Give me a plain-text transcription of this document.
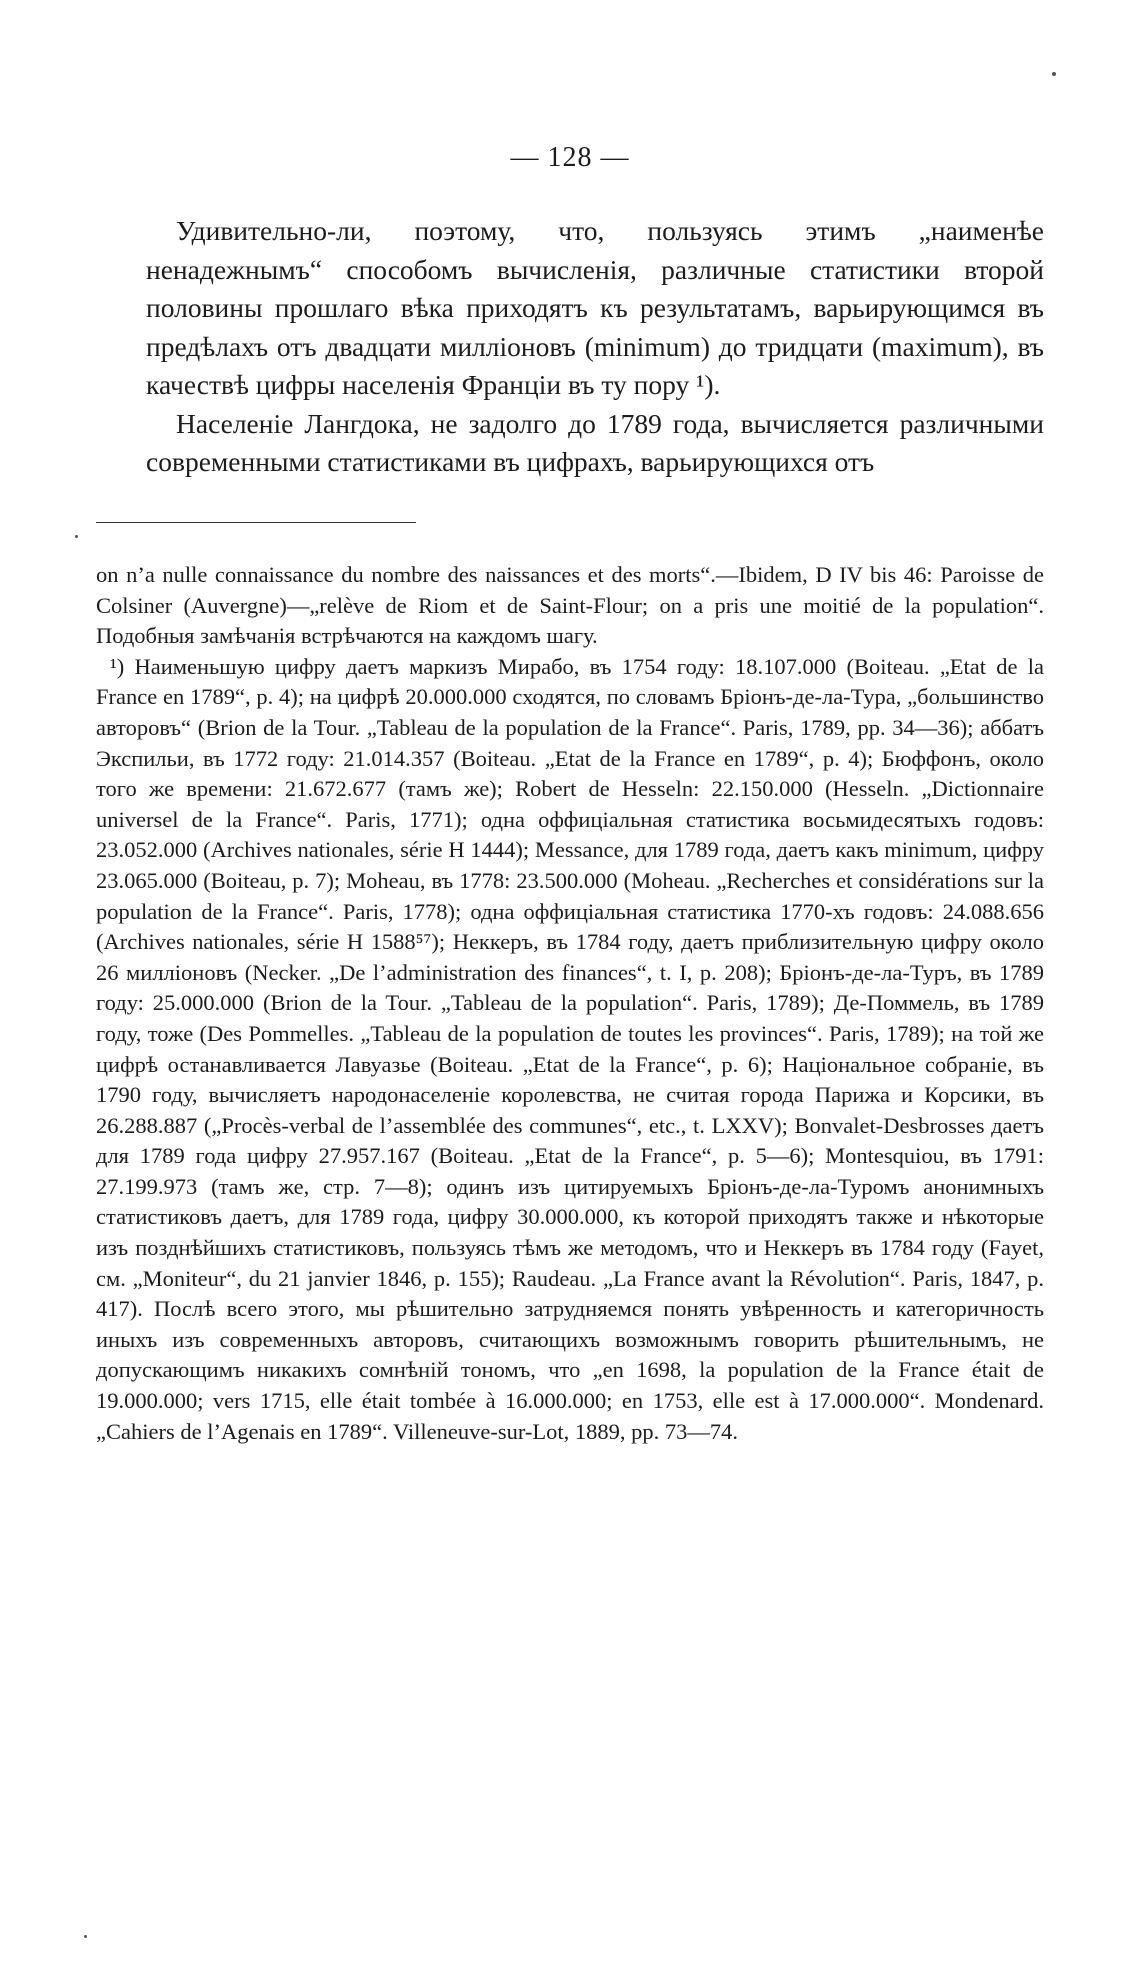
— 128 —

Удивительно-ли, поэтому, что, пользуясь этимъ „наименѣе ненадежнымъ“ способомъ вычисленія, различные статистики второй половины прошлаго вѣка приходятъ къ результатамъ, варьирующимся въ предѣлахъ отъ двадцати милліоновъ (minimum) до тридцати (maximum), въ качествѣ цифры населенія Франціи въ ту пору ¹).

Населеніе Лангдока, не задолго до 1789 года, вычисляется различными современными статистиками въ цифрахъ, варьирующихся отъ

on n’a nulle connaissance du nombre des naissances et des morts“.—Ibidem, D IV bis 46: Paroisse de Colsiner (Auvergne)—„relève de Riom et de Saint-Flour; on a pris une moitié de la population“. Подобныя замѣчанія встрѣчаются на каждомъ шагу.

¹) Наименьшую цифру даетъ маркизъ Мирабо, въ 1754 году: 18.107.000 (Boiteau. „Etat de la France en 1789“, p. 4); на цифрѣ 20.000.000 сходятся, по словамъ Бріонъ-де-ла-Тура, „большинство авторовъ“ (Brion de la Tour. „Tableau de la population de la France“. Paris, 1789, pp. 34—36); аббатъ Экспильи, въ 1772 году: 21.014.357 (Boiteau. „Etat de la France en 1789“, p. 4); Бюффонъ, около того же времени: 21.672.677 (тамъ же); Robert de Hesseln: 22.150.000 (Hesseln. „Dictionnaire universel de la France“. Paris, 1771); одна оффиціальная статистика восьмидесятыхъ годовъ: 23.052.000 (Archives nationales, série H 1444); Messance, для 1789 года, даетъ какъ minimum, цифру 23.065.000 (Boiteau, p. 7); Moheau, въ 1778: 23.500.000 (Moheau. „Recherches et considérations sur la population de la France“. Paris, 1778); одна оффиціальная статистика 1770-хъ годовъ: 24.088.656 (Archives nationales, série H 1588⁵⁷); Неккеръ, въ 1784 году, даетъ приблизительную цифру около 26 милліоновъ (Necker. „De l’administration des finances“, t. I, p. 208); Бріонъ-де-ла-Туръ, въ 1789 году: 25.000.000 (Brion de la Tour. „Tableau de la population“. Paris, 1789); Де-Поммель, въ 1789 году, тоже (Des Pommelles. „Tableau de la population de toutes les provinces“. Paris, 1789); на той же цифрѣ останавливается Лавуазье (Boiteau. „Etat de la France“, p. 6); Національное собраніе, въ 1790 году, вычисляетъ народонаселеніе королевства, не считая города Парижа и Корсики, въ 26.288.887 („Procès-verbal de l’assemblée des communes“, etc., t. LXXV); Bonvalet-Desbrosses даетъ для 1789 года цифру 27.957.167 (Boiteau. „Etat de la France“, p. 5—6); Montesquiou, въ 1791: 27.199.973 (тамъ же, стр. 7—8); одинъ изъ цитируемыхъ Бріонъ-де-ла-Туромъ анонимныхъ статистиковъ даетъ, для 1789 года, цифру 30.000.000, къ которой приходятъ также и нѣкоторые изъ позднѣйшихъ статистиковъ, пользуясь тѣмъ же методомъ, что и Неккеръ въ 1784 году (Fayet, см. „Moniteur“, du 21 janvier 1846, p. 155); Raudeau. „La France avant la Révolution“. Paris, 1847, p. 417). Послѣ всего этого, мы рѣшительно затрудняемся понять увѣренность и категоричность иныхъ изъ современныхъ авторовъ, считающихъ возможнымъ говорить рѣшительнымъ, не допускающимъ никакихъ сомнѣній тономъ, что „en 1698, la population de la France était de 19.000.000; vers 1715, elle était tombée à 16.000.000; en 1753, elle est à 17.000.000“. Mondenard. „Cahiers de l’Agenais en 1789“. Villeneuve-sur-Lot, 1889, pp. 73—74.
